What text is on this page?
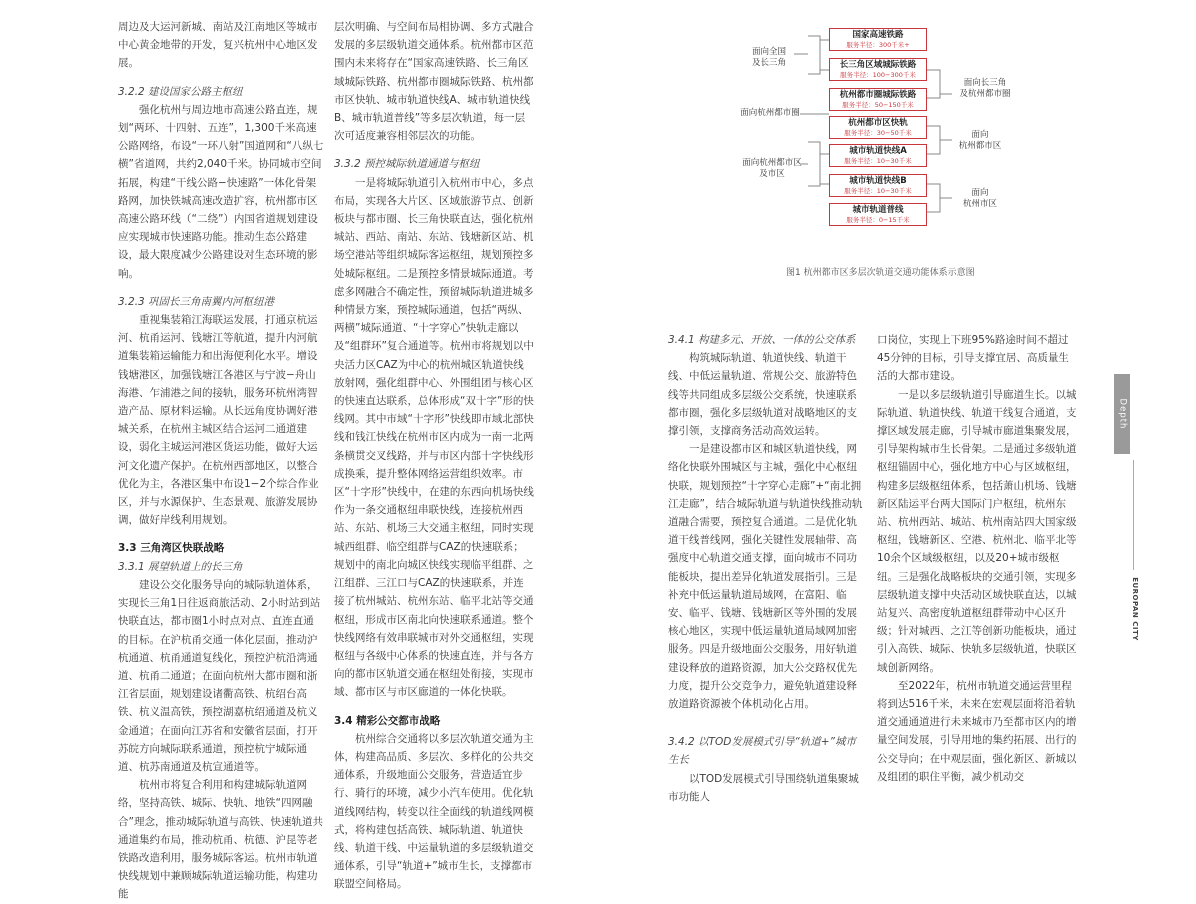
周边及大运河新城、南站及江南地区等城市中心黄金地带的开发，复兴杭州中心地区发展。

3.2.2 建设国家公路主枢纽

强化杭州与周边地市高速公路直连，规划“两环、十四射、五连”，1,300千米高速公路网络，布设“一环八射”国道网和“八纵七横”省道网，共约2,040千米。协同城市空间拓展，构建“干线公路−快速路”一体化骨架路网，加快铁城高速改造扩容，杭州都市区高速公路环线（“二绕”）内国省道规划建设应实现城市快速路功能。推动生态公路建设，最大限度减少公路建设对生态环境的影响。

3.2.3 巩固长三角南翼内河枢纽港

重视集装箱江海联运发展，打通京杭运河、杭甬运河、钱塘江等航道，提升内河航道集装箱运输能力和出海便利化水平。增设钱塘港区，加强钱塘江各港区与宁波−舟山海港、乍浦港之间的接轨，服务环杭州湾智造产品、原材料运输。从长远角度协调好港城关系，在杭州主城区结合运河二通道建设，弱化主城运河港区货运功能，做好大运河文化遗产保护。在杭州西部地区，以整合优化为主，各港区集中布设1−2个综合作业区，并与水源保护、生态景观、旅游发展协调，做好岸线利用规划。

3.3 三角湾区快联战略

3.3.1 展望轨道上的长三角

建设公交化服务导向的城际轨道体系，实现长三角1日往返商旅活动、2小时站到站快联直达，都市圈1小时点对点、直连直通的目标。在沪杭甬交通一体化层面，推动沪杭通道、杭甬通道复线化，预控沪杭沿湾通道、杭甬二通道；在面向杭州大都市圈和浙江省层面，规划建设诸衢高铁、杭绍台高铁、杭义温高铁，预控湖嘉杭绍通道及杭义金通道；在面向江苏省和安徽省层面，打开苏皖方向城际联系通道，预控杭宁城际通道、杭苏南通道及杭宣通道等。

杭州市将复合利用和构建城际轨道网络，坚持高铁、城际、快轨、地铁“四网融合”理念，推动城际轨道与高铁、快速轨道共通道集约布局，推动杭甬、杭德、沪昆等老铁路改造利用，服务城际客运。杭州市轨道快线规划中兼顾城际轨道运输功能，构建功能

层次明确、与空间布局相协调、多方式融合发展的多层级轨道交通体系。杭州都市区范围内未来将存在“国家高速铁路、长三角区域城际铁路、杭州都市圈城际铁路、杭州都市区快轨、城市轨道快线A、城市轨道快线B、城市轨道普线”等多层次轨道，每一层次可适度兼容相邻层次的功能。

3.3.2 预控城际轨道通道与枢纽

一是将城际轨道引入杭州市中心，多点布局，实现各大片区、区域旅游节点、创新板块与都市圈、长三角快联直达，强化杭州城站、西站、南站、东站、钱塘新区站、机场空港站等组织城际客运枢纽，规划预控多处城际枢纽。二是预控多情景城际通道。考虑多网融合不确定性，预留城际轨道进城多种情景方案，预控城际通道，包括“两纵、两横”城际通道、“十字穿心”快轨走廊以及“组群环”复合通道等。杭州市将规划以中央活力区CAZ为中心的杭州城区轨道快线放射网，强化组群中心、外围组团与核心区的快速直达联系，总体形成“双十字”形的快线网。其中市域“十字形”快线即市域北部快线和钱江快线在杭州市区内成为一南一北两条横贯交叉线路，并与市区内部十字快线形成换乘，提升整体网络运营组织效率。市区“十字形”快线中，在建的东西向机场快线作为一条交通枢纽串联快线，连接杭州西站、东站、机场三大交通主枢纽，同时实现城西组群、临空组群与CAZ的快速联系；规划中的南北向城区快线实现临平组群、之江组群、三江口与CAZ的快速联系，并连接了杭州城站、杭州东站、临平北站等交通枢纽，形成市区南北向快速联系通道。整个快线网络有效串联城市对外交通枢纽，实现枢纽与各级中心体系的快速直连，并与各方向的都市区轨道交通在枢纽处衔接，实现市域、都市区与市区廊道的一体化快联。

3.4 精彩公交都市战略

杭州综合交通将以多层次轨道交通为主体，构建高品质、多层次、多样化的公共交通体系，升级地面公交服务，营造适宜步行、骑行的环境，减少小汽车使用。优化轨道线网结构，转变以往全面线的轨道线网模式，将构建包括高铁、城际轨道、轨道快线、轨道干线、中运量轨道的多层级轨道交通体系，引导“轨道+”城市生长，支撑都市联盟空间格局。

国家高速铁路
服务半径：300千米+
长三角区域城际铁路
服务半径：100−300千米
杭州都市圈城际铁路
服务半径：50−150千米
杭州都市区快轨
服务半径：30−50千米
城市轨道快线A
服务半径：10−30千米
城市轨道快线B
服务半径：10−30千米
城市轨道普线
服务半径：0−15千米
面向全国
及长三角
面向杭州都市圈
面向杭州都市区
及市区
面向长三角
及杭州都市圈
面向
杭州都市区
面向
杭州市区
图1 杭州都市区多层次轨道交通功能体系示意图

3.4.1 构建多元、开放、一体的公交体系

构筑城际轨道、轨道快线、轨道干线、中低运量轨道、常规公交、旅游特色线等共同组成多层级公交系统，快速联系都市圈，强化多层级轨道对战略地区的支撑引领，支撑商务活动高效运转。

一是建设都市区和城区轨道快线，网络化快联外围城区与主城，强化中心枢纽快联，规划预控“十字穿心走廊”+“南北拥江走廊”，结合城际轨道与轨道快线推动轨道融合需要，预控复合通道。二是优化轨道干线普线网，强化关键性发展轴带、高强度中心轨道交通支撑，面向城市不同功能板块，提出差异化轨道发展指引。三是补充中低运量轨道局域网，在富阳、临安、临平、钱塘、钱塘新区等外围的发展核心地区，实现中低运量轨道局域网加密服务。四是升级地面公交服务，用好轨道建设释放的道路资源，加大公交路权优先力度，提升公交竞争力，避免轨道建设释放道路资源被个体机动化占用。

3.4.2 以TOD发展模式引导“轨道+”城市生长

以TOD发展模式引导围绕轨道集聚城市功能人

口岗位，实现上下班95%路途时间不超过45分钟的目标，引导支撑宜居、高质量生活的大都市建设。

一是以多层级轨道引导廊道生长。以城际轨道、轨道快线、轨道干线复合通道，支撑区域发展走廊，引导城市廊道集聚发展，引导架构城市生长骨架。二是通过多级轨道枢纽锚固中心，强化地方中心与区域枢纽，构建多层级枢纽体系，包括萧山机场、钱塘新区陆运平台两大国际门户枢纽，杭州东站、杭州西站、城站、杭州南站四大国家级枢纽，钱塘新区、空港、杭州北、临平北等10余个区域级枢纽，以及20+城市级枢纽。三是强化战略板块的交通引领，实现多层级轨道支撑中央活动区域快联直达，以城站复兴、高密度轨道枢纽群带动中心区升级；针对城西、之江等创新功能板块，通过引入高铁、城际、快轨多层级轨道，快联区域创新网络。

至2022年，杭州市轨道交通运营里程将到达516千米，未来在宏观层面将沿着轨道交通通道进行未来城市乃至都市区内的增量空间发展，引导用地的集约拓展、出行的公交导向；在中观层面，强化新区、新城以及组团的职住平衡，减少机动交

Depth
EUROPAN CITY
